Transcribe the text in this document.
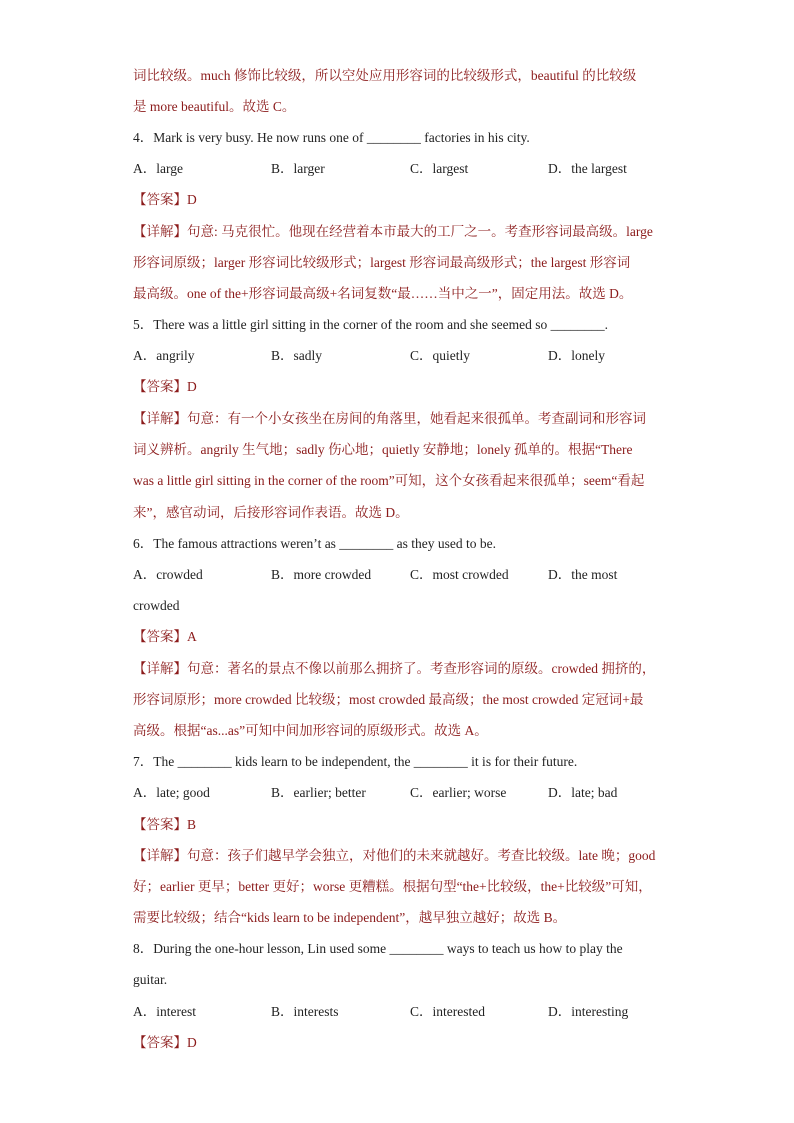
词比较级。much 修饰比较级，所以空处应用形容词的比较级形式，beautiful 的比较级
是 more beautiful。故选 C。
4．Mark is very busy. He now runs one of ________ factories in his city.
A．large	B．larger	C．largest	D．the largest
【答案】D
【详解】句意: 马克很忙。他现在经营着本市最大的工厂之一。考查形容词最高级。large
形容词原级；larger 形容词比较级形式；largest 形容词最高级形式；the largest 形容词
最高级。one of the+形容词最高级+名词复数“最……当中之一”，固定用法。故选 D。
5．There was a little girl sitting in the corner of the room and she seemed so ________.
A．angrily	B．sadly	C．quietly	D．lonely
【答案】D
【详解】句意：有一个小女孩坐在房间的角落里，她看起来很孤单。考查副词和形容词
词义辨析。angrily 生气地；sadly 伤心地；quietly 安静地；lonely 孤单的。根据“There
was a little girl sitting in the corner of the room”可知，这个女孩看起来很孤单；seem“看起
来”，感官动词，后接形容词作表语。故选 D。
6．The famous attractions weren’t as ________ as they used to be.
A．crowded	B．more crowded	C．most crowded	D．the most
crowded
【答案】A
【详解】句意：著名的景点不像以前那么拥挤了。考查形容词的原级。crowded 拥挤的，
形容词原形；more crowded 比较级；most crowded 最高级；the most crowded 定冠词+最
高级。根据“as...as”可知中间加形容词的原级形式。故选 A。
7．The ________ kids learn to be independent, the ________ it is for their future.
A．late; good	B．earlier; better	C．earlier; worse	D．late; bad
【答案】B
【详解】句意：孩子们越早学会独立，对他们的未来就越好。考查比较级。late 晚；good
好；earlier 更早；better 更好；worse 更糟糕。根据句型“the+比较级，the+比较级”可知，
需要比较级；结合“kids learn to be independent”，越早独立越好；故选 B。
8．During the one-hour lesson, Lin used some ________ ways to teach us how to play the
guitar.
A．interest	B．interests	C．interested	D．interesting
【答案】D
